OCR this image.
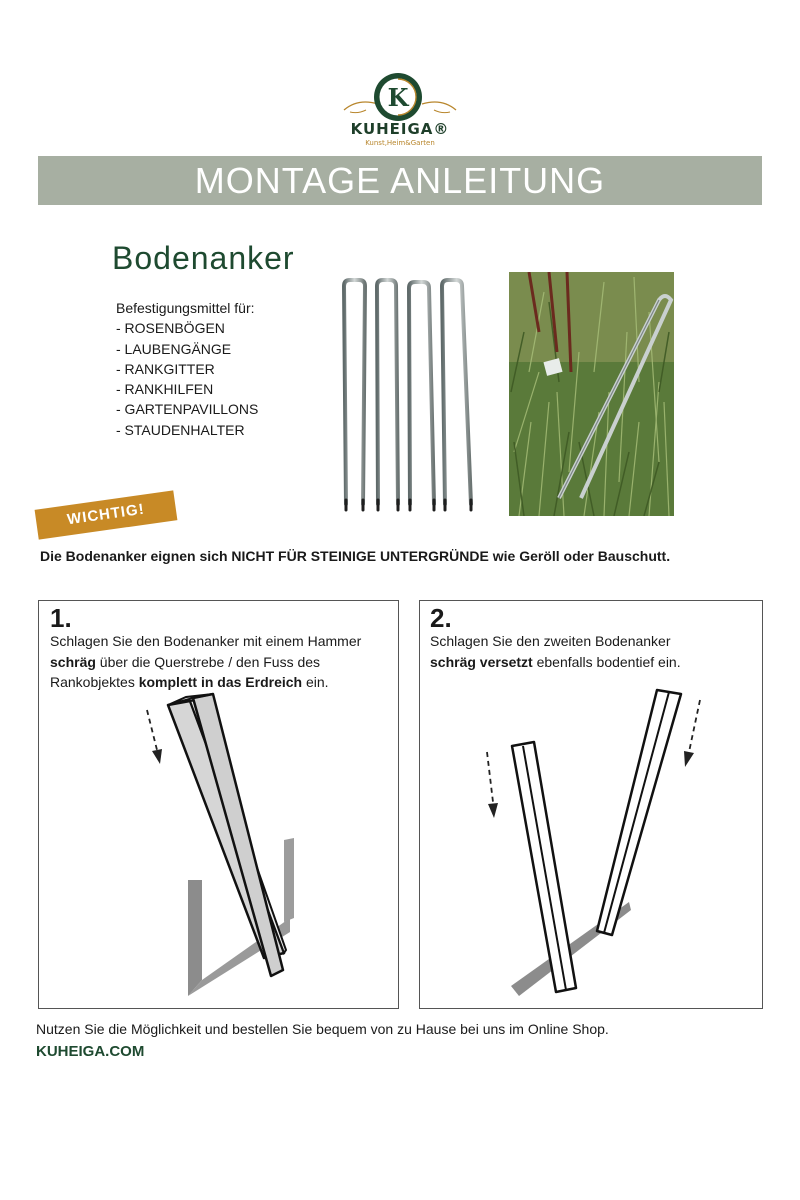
K
KUHEIGA®
Kunst,Heim&Garten
MONTAGE ANLEITUNG
Bodenanker
Befestigungsmittel für:
- ROSENBÖGEN
- LAUBENGÄNGE
- RANKGITTER
- RANKHILFEN
- GARTENPAVILLONS
- STAUDENHALTER
WICHTIG!
Die Bodenanker eignen sich NICHT FÜR STEINIGE UNTERGRÜNDE wie Geröll oder Bauschutt.
1.
Schlagen Sie den Bodenanker mit einem Hammer
schräg über die Querstrebe / den Fuss des
Rankobjektes komplett in das Erdreich ein.
2.
Schlagen Sie den zweiten Bodenanker
schräg versetzt ebenfalls bodentief ein.
Nutzen Sie die Möglichkeit und bestellen Sie bequem von zu Hause bei uns im Online Shop.
KUHEIGA.COM
